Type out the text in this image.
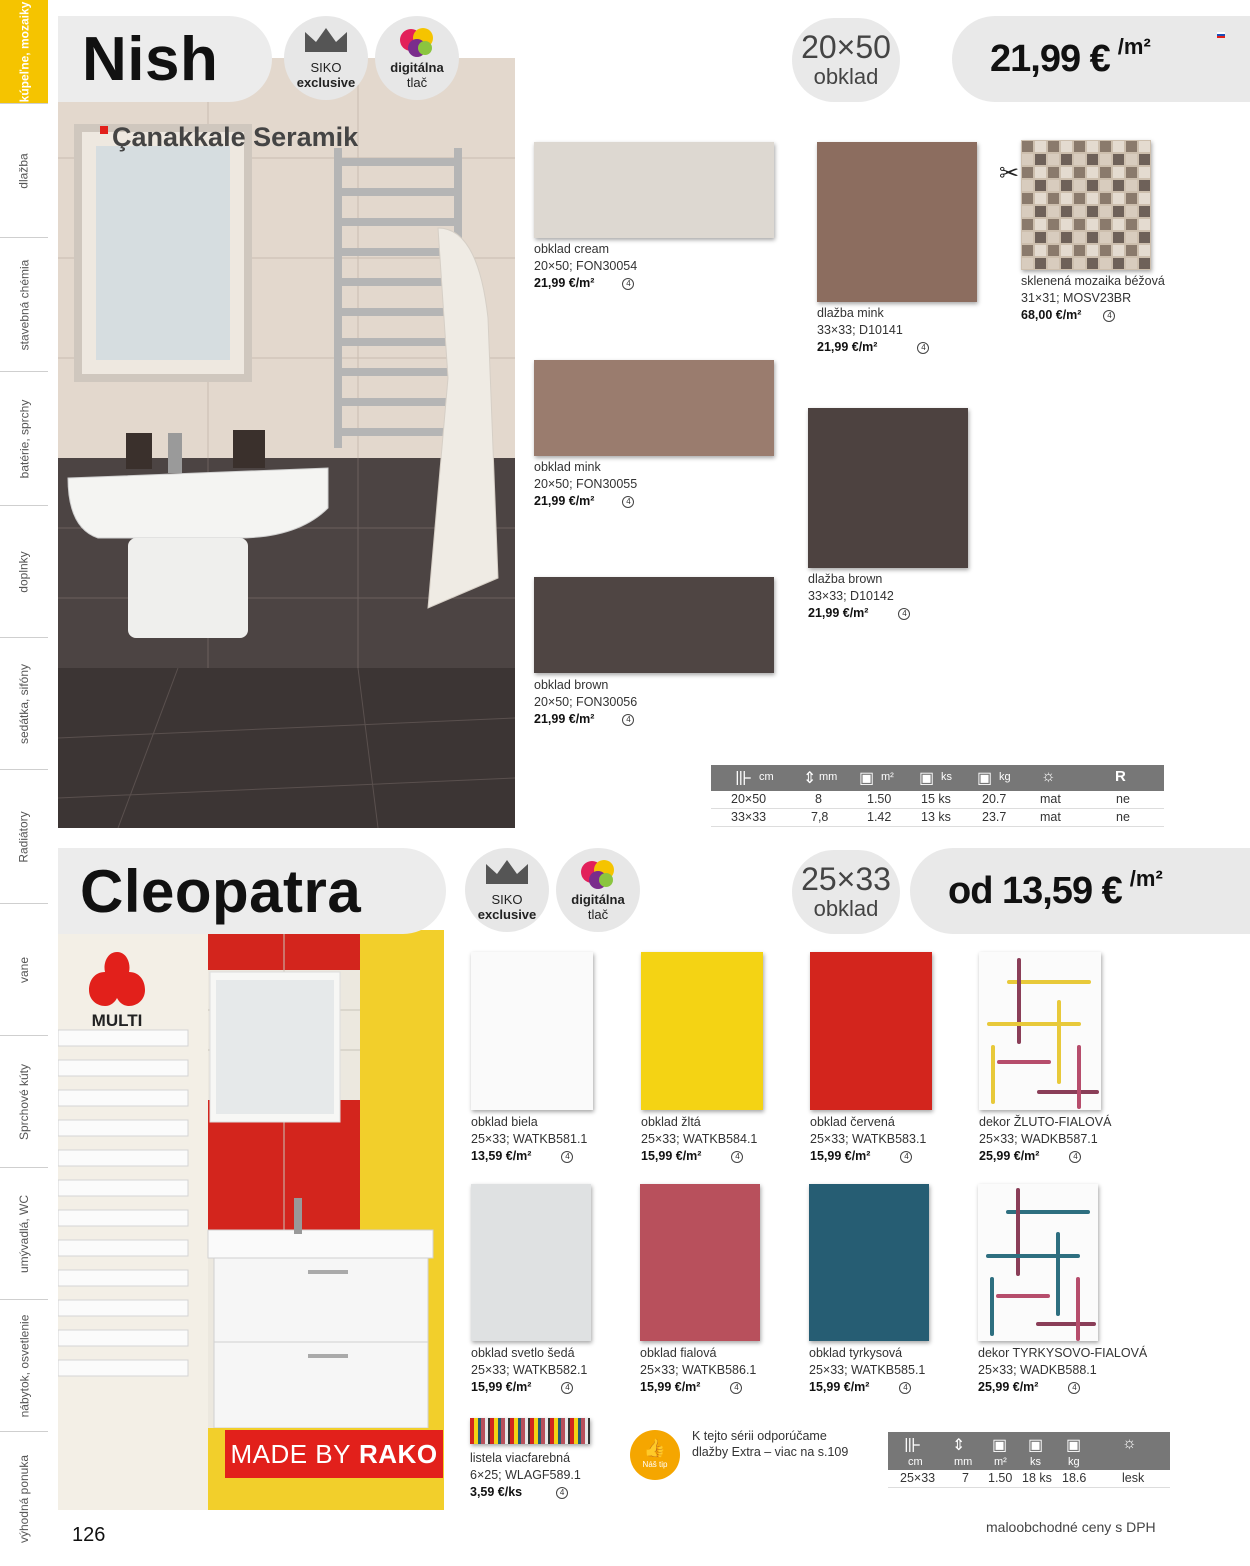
kúpeľne, mozaiky
dlažba
stavebná chémia
batérie, sprchy
doplnky
sedátka, sifóny
Radiátory
vane
Sprchové kúty
umývadlá, WC
nábytok, osvetlenie
výhodná ponuka
Çanakkale Seramik
Nish	SIKO
exclusive
digitálna
tlač
20×50
obklad	21,99 € /m²
obklad cream
20×50; FON30054
21,99 €/m²	4
obklad mink
20×50; FON30055
21,99 €/m²	4
obklad brown
20×50; FON30056
21,99 €/m²	4
dlažba mink
33×33; D10141
21,99 €/m²	4
dlažba brown
33×33; D10142
21,99 €/m²	4
✂
sklenená mozaika béžová
31×31; MOSV23BR
68,00 €/m²	4
⊪ cm ⇕ mm ▣ m² ▣ ks ▣ kg ☼	R
20×50	8	1.50 15 ks 20.7	mat	ne
33×33	7,8	1.42 13 ks 23.7	mat	ne
MULTI
MADE BY RAKO
Cleopatra	SIKO
exclusive
digitálna
tlač
25×33
obklad od 13,59 € /m²
obklad biela
25×33; WATKB581.1
13,59 €/m²	4
obklad žltá
25×33; WATKB584.1
15,99 €/m²	4
obklad červená
25×33; WATKB583.1
15,99 €/m²	4
dekor ŽLUTO-FIALOVÁ
25×33; WADKB587.1
25,99 €/m²	4
obklad svetlo šedá
25×33; WATKB582.1
15,99 €/m²	4
obklad fialová
25×33; WATKB586.1
15,99 €/m²	4
obklad tyrkysová
25×33; WATKB585.1
15,99 €/m²	4
dekor TYRKYSOVO-FIALOVÁ
25×33; WADKB588.1
25,99 €/m²	4
listela viacfarebná
6×25; WLAGF589.1
3,59 €/ks	4
👍
Náš tip
K tejto sérii odporúčame
dlažby Extra – viac na s.109	⊪
cm
⇕
mm
▣
m²
▣
ks
▣
kg
☼
25×33 7 1.50 18 ks 18.6	lesk
126	maloobchodné ceny s DPH
